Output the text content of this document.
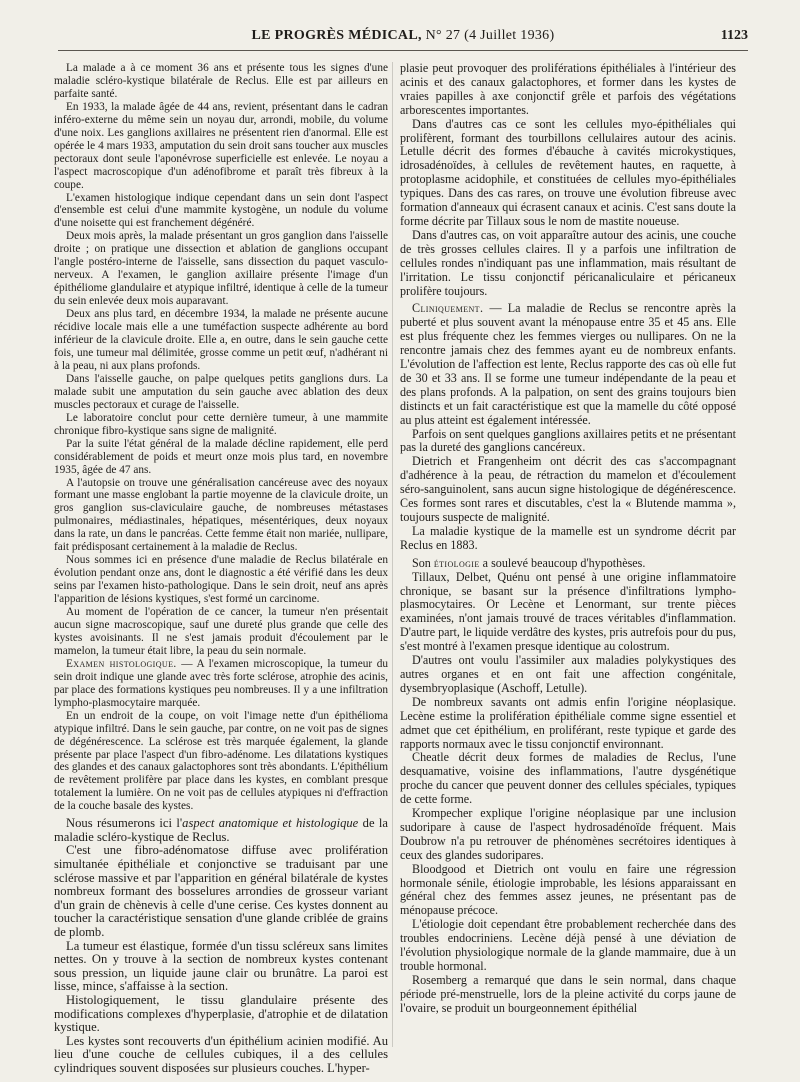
LE PROGRÈS MÉDICAL, N° 27 (4 Juillet 1936)	1123

La malade a à ce moment 36 ans et présente tous les signes d'une maladie scléro-kystique bilatérale de Reclus. Elle est par ailleurs en parfaite santé.

En 1933, la malade âgée de 44 ans, revient, présentant dans le cadran inféro-externe du même sein un noyau dur, arrondi, mobile, du volume d'une noix. Les ganglions axillaires ne présentent rien d'anormal. Elle est opérée le 4 mars 1933, amputation du sein droit sans toucher aux muscles pectoraux dont seule l'aponévrose superficielle est enlevée. Le noyau a l'aspect macroscopique d'un adénofibrome et paraît très fibreux à la coupe.

L'examen histologique indique cependant dans un sein dont l'aspect d'ensemble est celui d'une mammite kystogène, un nodule du volume d'une noisette qui est franchement dégénéré.

Deux mois après, la malade présentant un gros ganglion dans l'aisselle droite ; on pratique une dissection et ablation de ganglions occupant l'angle postéro-interne de l'aisselle, sans dissection du paquet vasculo-nerveux. A l'examen, le ganglion axillaire présente l'image d'un épithéliome glandulaire et atypique infiltré, identique à celle de la tumeur du sein enlevée deux mois auparavant.

Deux ans plus tard, en décembre 1934, la malade ne présente aucune récidive locale mais elle a une tuméfaction suspecte adhérente au bord inférieur de la clavicule droite. Elle a, en outre, dans le sein gauche cette fois, une tumeur mal délimitée, grosse comme un petit œuf, n'adhérant ni à la peau, ni aux plans profonds.

Dans l'aisselle gauche, on palpe quelques petits ganglions durs. La malade subit une amputation du sein gauche avec ablation des deux muscles pectoraux et curage de l'aisselle.

Le laboratoire conclut pour cette dernière tumeur, à une mammite chronique fibro-kystique sans signe de malignité.

Par la suite l'état général de la malade décline rapidement, elle perd considérablement de poids et meurt onze mois plus tard, en novembre 1935, âgée de 47 ans.

A l'autopsie on trouve une généralisation cancéreuse avec des noyaux formant une masse englobant la partie moyenne de la clavicule droite, un gros ganglion sus-claviculaire gauche, de nombreuses métastases pulmonaires, médiastinales, hépatiques, mésentériques, deux noyaux dans la rate, un dans le pancréas. Cette femme était non mariée, nullipare, fait prédisposant certainement à la maladie de Reclus.

Nous sommes ici en présence d'une maladie de Reclus bilatérale en évolution pendant onze ans, dont le diagnostic a été vérifié dans les deux seins par l'examen histo-pathologique. Dans le sein droit, neuf ans après l'apparition de lésions kystiques, s'est formé un carcinome.

Au moment de l'opération de ce cancer, la tumeur n'en présentait aucun signe macroscopique, sauf une dureté plus grande que celle des kystes avoisinants. Il ne s'est jamais produit d'écoulement par le mamelon, la tumeur était libre, la peau du sein normale.

Examen histologique. — A l'examen microscopique, la tumeur du sein droit indique une glande avec très forte sclérose, atrophie des acinis, par place des formations kystiques peu nombreuses. Il y a une infiltration lympho-plasmocytaire marquée.

En un endroit de la coupe, on voit l'image nette d'un épithélioma atypique infiltré. Dans le sein gauche, par contre, on ne voit pas de signes de dégénérescence. La sclérose est très marquée également, la glande présente par place l'aspect d'un fibro-adénome. Les dilatations kystiques des glandes et des canaux galactophores sont très abondants. L'épithélium de revêtement prolifère par place dans les kystes, en comblant presque totalement la lumière. On ne voit pas de cellules atypiques ni d'effraction de la couche basale des kystes.

Nous résumerons ici l'aspect anatomique et histologique de la maladie scléro-kystique de Reclus.

C'est une fibro-adénomatose diffuse avec prolifération simultanée épithéliale et conjonctive se traduisant par une sclérose massive et par l'apparition en général bilatérale de kystes nombreux formant des bosselures arrondies de grosseur variant d'un grain de chènevis à celle d'une cerise. Ces kystes donnent au toucher la caractéristique sensation d'une glande criblée de grains de plomb.

La tumeur est élastique, formée d'un tissu scléreux sans limites nettes. On y trouve à la section de nombreux kystes contenant sous pression, un liquide jaune clair ou brunâtre. La paroi est lisse, mince, s'affaisse à la section.

Histologiquement, le tissu glandulaire présente des modifications complexes d'hyperplasie, d'atrophie et de dilatation kystique.

Les kystes sont recouverts d'un épithélium acinien modifié. Au lieu d'une couche de cellules cubiques, il a des cellules cylindriques souvent disposées sur plusieurs couches. L'hyper-

plasie peut provoquer des proliférations épithéliales à l'intérieur des acinis et des canaux galactophores, et former dans les kystes de vraies papilles à axe conjonctif grêle et parfois des végétations arborescentes importantes.

Dans d'autres cas ce sont les cellules myo-épithéliales qui prolifèrent, formant des tourbillons cellulaires autour des acinis. Letulle décrit des formes d'ébauche à cavités microkystiques, idrosadénoïdes, à cellules de revêtement hautes, en raquette, à protoplasme acidophile, et constituées de cellules myo-épithéliales typiques. Dans des cas rares, on trouve une évolution fibreuse avec formation d'anneaux qui écrasent canaux et acinis. C'est sans doute la forme décrite par Tillaux sous le nom de mastite noueuse.

Dans d'autres cas, on voit apparaître autour des acinis, une couche de très grosses cellules claires. Il y a parfois une infiltration de cellules rondes n'indiquant pas une inflammation, mais résultant de l'irritation. Le tissu conjonctif péricanaliculaire et péricaneux prolifère toujours.

Cliniquement. — La maladie de Reclus se rencontre après la puberté et plus souvent avant la ménopause entre 35 et 45 ans. Elle est plus fréquente chez les femmes vierges ou nullipares. On ne la rencontre jamais chez des femmes ayant eu de nombreux enfants. L'évolution de l'affection est lente, Reclus rapporte des cas où elle fut de 30 et 33 ans. Il se forme une tumeur indépendante de la peau et des plans profonds. A la palpation, on sent des grains toujours bien distincts et un fait caractéristique est que la mamelle du côté opposé au plus atteint est également intéressée.

Parfois on sent quelques ganglions axillaires petits et ne présentant pas la dureté des ganglions cancéreux.

Dietrich et Frangenheim ont décrit des cas s'accompagnant d'adhérence à la peau, de rétraction du mamelon et d'écoulement séro-sanguinolent, sans aucun signe histologique de dégénérescence. Ces formes sont rares et discutables, c'est la « Blutende mamma », toujours suspecte de malignité.

La maladie kystique de la mamelle est un syndrome décrit par Reclus en 1883.

Son étiologie a soulevé beaucoup d'hypothèses.

Tillaux, Delbet, Quénu ont pensé à une origine inflammatoire chronique, se basant sur la présence d'infiltrations lympho-plasmocytaires. Or Lecène et Lenormant, sur trente pièces examinées, n'ont jamais trouvé de traces véritables d'inflammation. D'autre part, le liquide verdâtre des kystes, pris autrefois pour du pus, s'est montré à l'examen presque identique au colostrum.

D'autres ont voulu l'assimiler aux maladies polykystiques des autres organes et en ont fait une affection congénitale, dysembryoplasique (Aschoff, Letulle).

De nombreux savants ont admis enfin l'origine néoplasique. Lecène estime la prolifération épithéliale comme signe essentiel et admet que cet épithélium, en proliférant, reste typique et garde des rapports normaux avec le tissu conjonctif environnant.

Cheatle décrit deux formes de maladies de Reclus, l'une desquamative, voisine des inflammations, l'autre dysgénétique proche du cancer que peuvent donner des cellules spéciales, typiques de cette forme.

Krompecher explique l'origine néoplasique par une inclusion sudoripare à cause de l'aspect hydrosadénoïde fréquent. Mais Doubrow n'a pu retrouver de phénomènes secrétoires identiques à ceux des glandes sudoripares.

Bloodgood et Dietrich ont voulu en faire une régression hormonale sénile, étiologie improbable, les lésions apparaissant en général chez des femmes assez jeunes, ne présentant pas de ménopause précoce.

L'étiologie doit cependant être probablement recherchée dans des troubles endocriniens. Lecène déjà pensé à une déviation de l'évolution physiologique normale de la glande mammaire, due à un trouble hormonal.

Rosemberg a remarqué que dans le sein normal, dans chaque période pré-menstruelle, lors de la pleine activité du corps jaune de l'ovaire, se produit un bourgeonnement épithélial
